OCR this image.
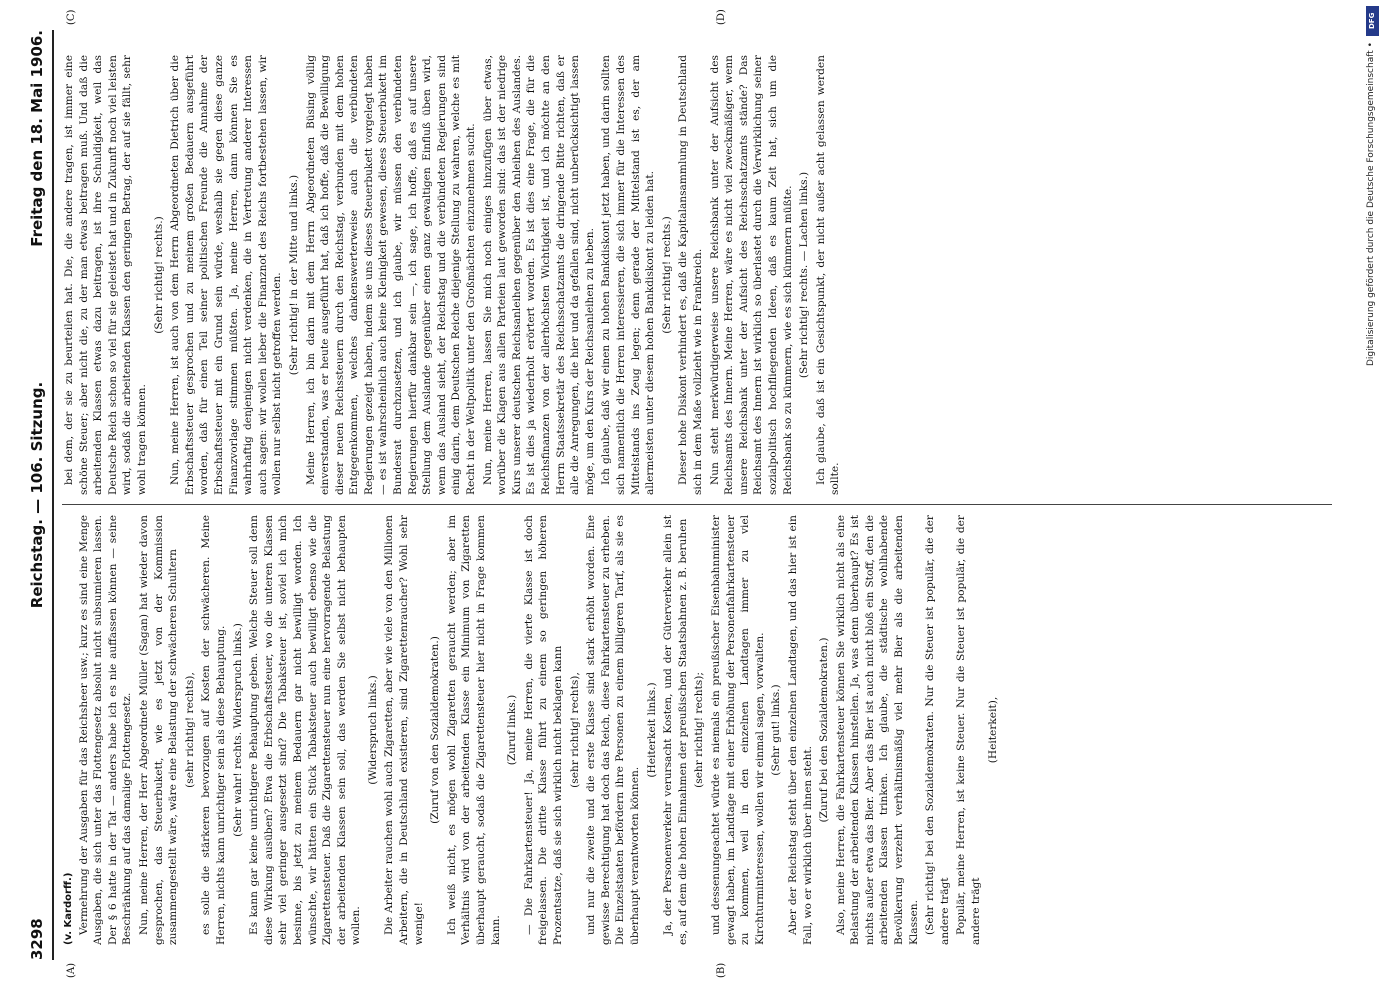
3298
Reichstag. — 106. Sitzung.
Freitag den 18. Mai 1906.
(A)	(B)
(C)	(D)
(v. Kardorff.) Vermehrung der Ausgaben für das Reichsheer usw.; kurz es sind eine Menge Ausgaben, die sich unter das Flottengesetz absolut nicht subsumieren lassen. Der § 6 hatte in der Tat — anders habe ich es nie auffassen können — seine Beschränkung auf das damalige Flottengesetz. Nun, meine Herren, der Herr Abgeordnete Müller (Sagan) hat wieder davon gesprochen, das Steuerbukett, wie es jetzt von der Kommission zusammengestellt wäre, wäre eine Belastung der schwächeren Schultern (sehr richtig! rechts), es solle die stärkeren bevorzugen auf Kosten der schwächeren. Meine Herren, nichts kann unrichtiger sein als diese Behauptung. (Sehr wahr! rechts. Widerspruch links.) Es kann gar keine unrichtigere Behauptung geben. Welche Steuer soll denn diese Wirkung ausüben? Etwa die Erbschaftssteuer, wo die unteren Klassen sehr viel geringer ausgesetzt sind? Die Tabaksteuer ist, soviel ich mich besinne, bis jetzt zu meinem Bedauern gar nicht bewilligt worden. Ich wünschte, wir hätten ein Stück Tabaksteuer auch bewilligt ebenso wie die Zigarettensteuer. Daß die Zigarettensteuer nun eine hervorragende Belastung der arbeitenden Klassen sein soll, das werden Sie selbst nicht behaupten wollen.

(Widerspruch links.) Die Arbeiter rauchen wohl auch Zigaretten, aber wie viele von den Millionen Arbeitern, die in Deutschland existieren, sind Zigarettenraucher? Wohl sehr wenige!

(Zuruf von den Sozialdemokraten.) Ich weiß nicht, es mögen wohl Zigaretten geraucht werden; aber im Verhältnis wird von der arbeitenden Klasse ein Minimum von Zigaretten überhaupt geraucht, sodaß die Zigarettensteuer hier nicht in Frage kommen kann.

(Zuruf links.) — Die Fahrkartensteuer! Ja, meine Herren, die vierte Klasse ist doch freigelassen. Die dritte Klasse führt zu einem so geringen höheren Prozentsatze, daß sie sich wirklich nicht beklagen kann (sehr richtig! rechts), und nur die zweite und die erste Klasse sind stark erhöht worden. Eine gewisse Berechtigung hat doch das Reich, diese Fahrkartensteuer zu erheben. Die Einzelstaaten befördern ihre Personen zu einem billigeren Tarif, als sie es überhaupt verantworten können.

(Heiterkeit links.) Ja, der Personenverkehr verursacht Kosten, und der Güterverkehr allein ist es, auf dem die hohen Einnahmen der preußischen Staatsbahnen z. B. beruhen (sehr richtig! rechts); und dessenungeachtet würde es niemals ein preußischer Eisenbahnminister gewagt haben, im Landtage mit einer Erhöhung der Personenfahrkartensteuer zu kommen, weil in den einzelnen Landtagen immer zu viel Kirchturminteressen, wollen wir einmal sagen, vorwalten. (Sehr gut! links.) Aber der Reichstag steht über den einzelnen Landtagen, und das hier ist ein Fall, wo er wirklich über ihnen steht.

(Zuruf bei den Sozialdemokraten.) Also, meine Herren, die Fahrkartensteuer können Sie wirklich nicht als eine Belastung der arbeitenden Klassen hinstellen. Ja, was denn überhaupt? Es ist nichts außer etwa das Bier. Aber das Bier ist auch nicht bloß ein Stoff, den die arbeitenden Klassen trinken. Ich glaube, die städtische wohlhabende Bevölkerung verzehrt verhältnismäßig viel mehr Bier als die arbeitenden Klassen. (Sehr richtig! bei den Sozialdemokraten. Nur die Steuer ist populär, die der andere trägt Populär, meine Herren, ist keine Steuer. Nur die Steuer ist populär, die der andere trägt

(Heiterkeit),

bei dem, der sie zu beurteilen hat. Die, die andere tragen, ist immer eine schöne Steuer; aber nicht die, zu der man etwas beitragen muß. Und daß die arbeitenden Klassen etwas dazu beitragen, ist ihre Schuldigkeit, weil das Deutsche Reich schon so viel für sie geleistet hat und in Zukunft noch viel leisten wird, sodaß die arbeitenden Klassen den geringen Betrag, der auf sie fällt, sehr wohl tragen können.

(Sehr richtig! rechts.) Nun, meine Herren, ist auch von dem Herrn Abgeordneten Dietrich über die Erbschaftssteuer gesprochen und zu meinem großen Bedauern ausgeführt worden, daß für einen Teil seiner politischen Freunde die Annahme der Erbschaftssteuer mit ein Grund sein würde, weshalb sie gegen diese ganze Finanzvorlage stimmen müßten. Ja, meine Herren, dann können Sie es wahrhaftig denjenigen nicht verdenken, die in Vertretung anderer Interessen auch sagen: wir wollen lieber die Finanznot des Reichs fortbestehen lassen, wir wollen nur selbst nicht getroffen werden. (Sehr richtig! in der Mitte und links.) Meine Herren, ich bin darin mit dem Herrn Abgeordneten Büsing völlig einverstanden, was er heute ausgeführt hat, daß ich hoffe, daß die Bewilligung dieser neuen Reichssteuern durch den Reichstag, verbunden mit dem hohen Entgegenkommen, welches dankenswerterweise auch die verbündeten Regierungen gezeigt haben, indem sie uns dieses Steuerbukett vorgelegt haben — es ist wahrscheinlich auch keine Kleinigkeit gewesen, dieses Steuerbukett im Bundesrat durchzusetzen, und ich glaube, wir müssen den verbündeten Regierungen hierfür dankbar sein —, ich sage, ich hoffe, daß es auf unsere Stellung dem Auslande gegenüber einen ganz gewaltigen Einfluß üben wird, wenn das Ausland sieht, der Reichstag und die verbündeten Regierungen sind einig darin, dem Deutschen Reiche diejenige Stellung zu wahren, welche es mit Recht in der Weltpolitik unter den Großmächten einzunehmen sucht. Nun, meine Herren, lassen Sie mich noch einiges hinzufügen über etwas, worüber die Klagen aus allen Parteien laut geworden sind: das ist der niedrige Kurs unserer deutschen Reichsanleihen gegenüber den Anleihen des Auslandes. Es ist dies ja wiederholt erörtert worden. Es ist dies eine Frage, die für die Reichsfinanzen von der allerhöchsten Wichtigkeit ist, und ich möchte an den Herrn Staatssekretär des Reichsschatzamts die dringende Bitte richten, daß er alle die Anregungen, die hier und da gefallen sind, nicht unberücksichtigt lassen möge, um den Kurs der Reichsanleihen zu heben. Ich glaube, daß wir einen zu hohen Bankdiskont jetzt haben, und darin sollten sich namentlich die Herren interessieren, die sich immer für die Interessen des Mittelstands ins Zeug legen; denn gerade der Mittelstand ist es, der am allermeisten unter diesem hohen Bankdiskont zu leiden hat. (Sehr richtig! rechts.) Dieser hohe Diskont verhindert es, daß die Kapitalansammlung in Deutschland sich in dem Maße vollzieht wie in Frankreich. Nun steht merkwürdigerweise unsere Reichsbank unter der Aufsicht des Reichsamts des Innern. Meine Herren, wäre es nicht viel zweckmäßiger, wenn unsere Reichsbank unter der Aufsicht des Reichsschatzamts stände? Das Reichsamt des Innern ist wirklich so überlastet durch die Verwirklichung seiner sozialpolitisch hochfliegenden Ideen, daß es kaum Zeit hat, sich um die Reichsbank so zu kümmern, wie es sich kümmern müßte. (Sehr richtig! rechts. — Lachen links.) Ich glaube, daß ist ein Gesichtspunkt, der nicht außer acht gelassen werden sollte.

DFG
Digitalisierung gefördert durch die Deutsche Forschungsgemeinschaft •
